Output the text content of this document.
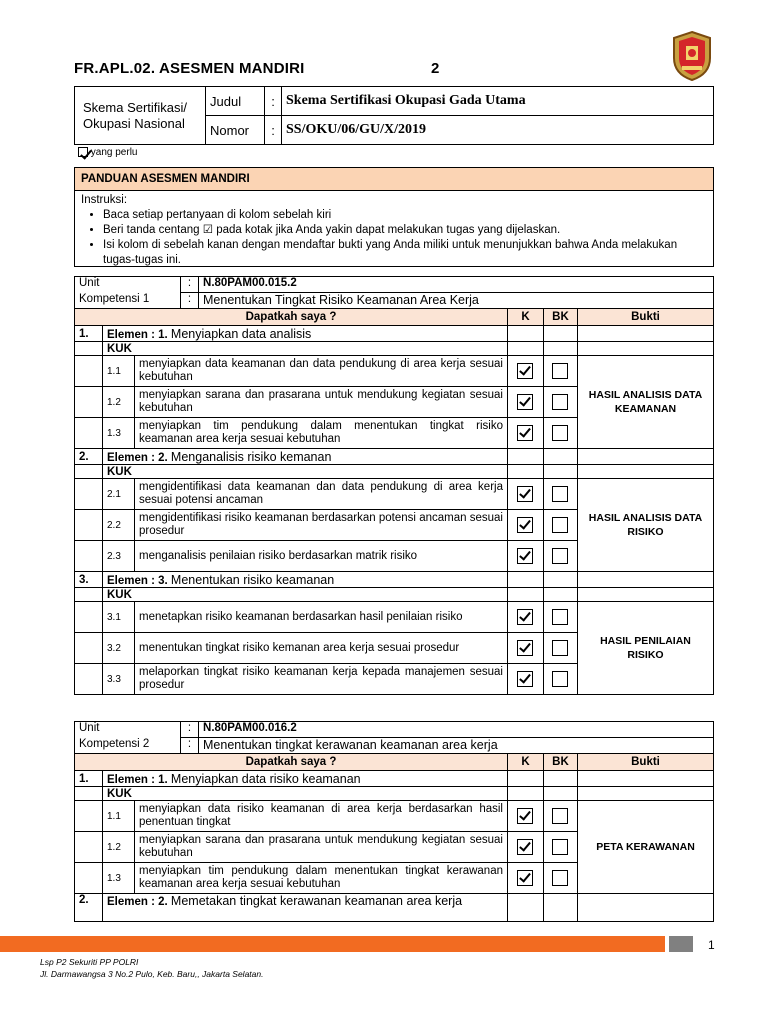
FR.APL.02. ASESMEN MANDIRI	2
Skema Sertifikasi/ Okupasi Nasional	Judul	:	Skema Sertifikasi Okupasi Gada Utama
	Nomor	:	SS/OKU/06/GU/X/2019
yang perlu
PANDUAN ASESMEN MANDIRI
Instruksi:
• Baca setiap pertanyaan di kolom sebelah kiri
• Beri tanda centang ☑ pada kotak jika Anda yakin dapat melakukan tugas yang dijelaskan.
• Isi kolom di sebelah kanan dengan mendaftar bukti yang Anda miliki untuk menunjukkan bahwa Anda melakukan tugas-tugas ini.
Unit			:	N.80PAM00.015.2			
Kompetensi 1			:	Menentukan Tingkat Risiko Keamanan Area Kerja			
Dapatkah saya ?					K	BK	Bukti
1.	Elemen : 1. Menyiapkan data analisis						
	KUK						
	1.1	menyiapkan data keamanan dan data pendukung di area kerja sesuai kebutuhan					HASIL ANALISIS DATA KEAMANAN
	1.2	menyiapkan sarana dan prasarana untuk mendukung kegiatan sesuai kebutuhan					
	1.3	menyiapkan tim pendukung dalam menentukan tingkat risiko keamanan area kerja sesuai kebutuhan					
2.	Elemen : 2. Menganalisis risiko kemanan						
	KUK						
	2.1	mengidentifikasi data keamanan dan data pendukung di area kerja sesuai potensi ancaman					HASIL ANALISIS DATA RISIKO
	2.2	mengidentifikasi risiko keamanan berdasarkan potensi ancaman sesuai prosedur					
	2.3	menganalisis penilaian risiko berdasarkan matrik risiko					
3.	Elemen : 3. Menentukan risiko keamanan						
	KUK						
	3.1	menetapkan risiko keamanan berdasarkan hasil penilaian risiko					HASIL PENILAIAN RISIKO
	3.2	menentukan tingkat risiko kemanan area kerja sesuai prosedur					
	3.3	melaporkan tingkat risiko keamanan kerja kepada manajemen sesuai prosedur					
Unit			:	N.80PAM00.016.2			
Kompetensi 2			:	Menentukan tingkat kerawanan keamanan area kerja			
Dapatkah saya ?					K	BK	Bukti
1.	Elemen : 1. Menyiapkan data risiko keamanan						
	KUK						
	1.1	menyiapkan data risiko keamanan di area kerja berdasarkan hasil penentuan tingkat					PETA KERAWANAN
	1.2	menyiapkan sarana dan prasarana untuk mendukung kegiatan sesuai kebutuhan					
	1.3	menyiapkan tim pendukung dalam menentukan tingkat kerawanan keamanan area kerja sesuai kebutuhan					
2.	Elemen : 2. Memetakan tingkat kerawanan keamanan area kerja						
1
Lsp P2 Sekuriti PP POLRI
Jl. Darmawangsa 3 No.2 Pulo, Keb. Baru,, Jakarta Selatan.
